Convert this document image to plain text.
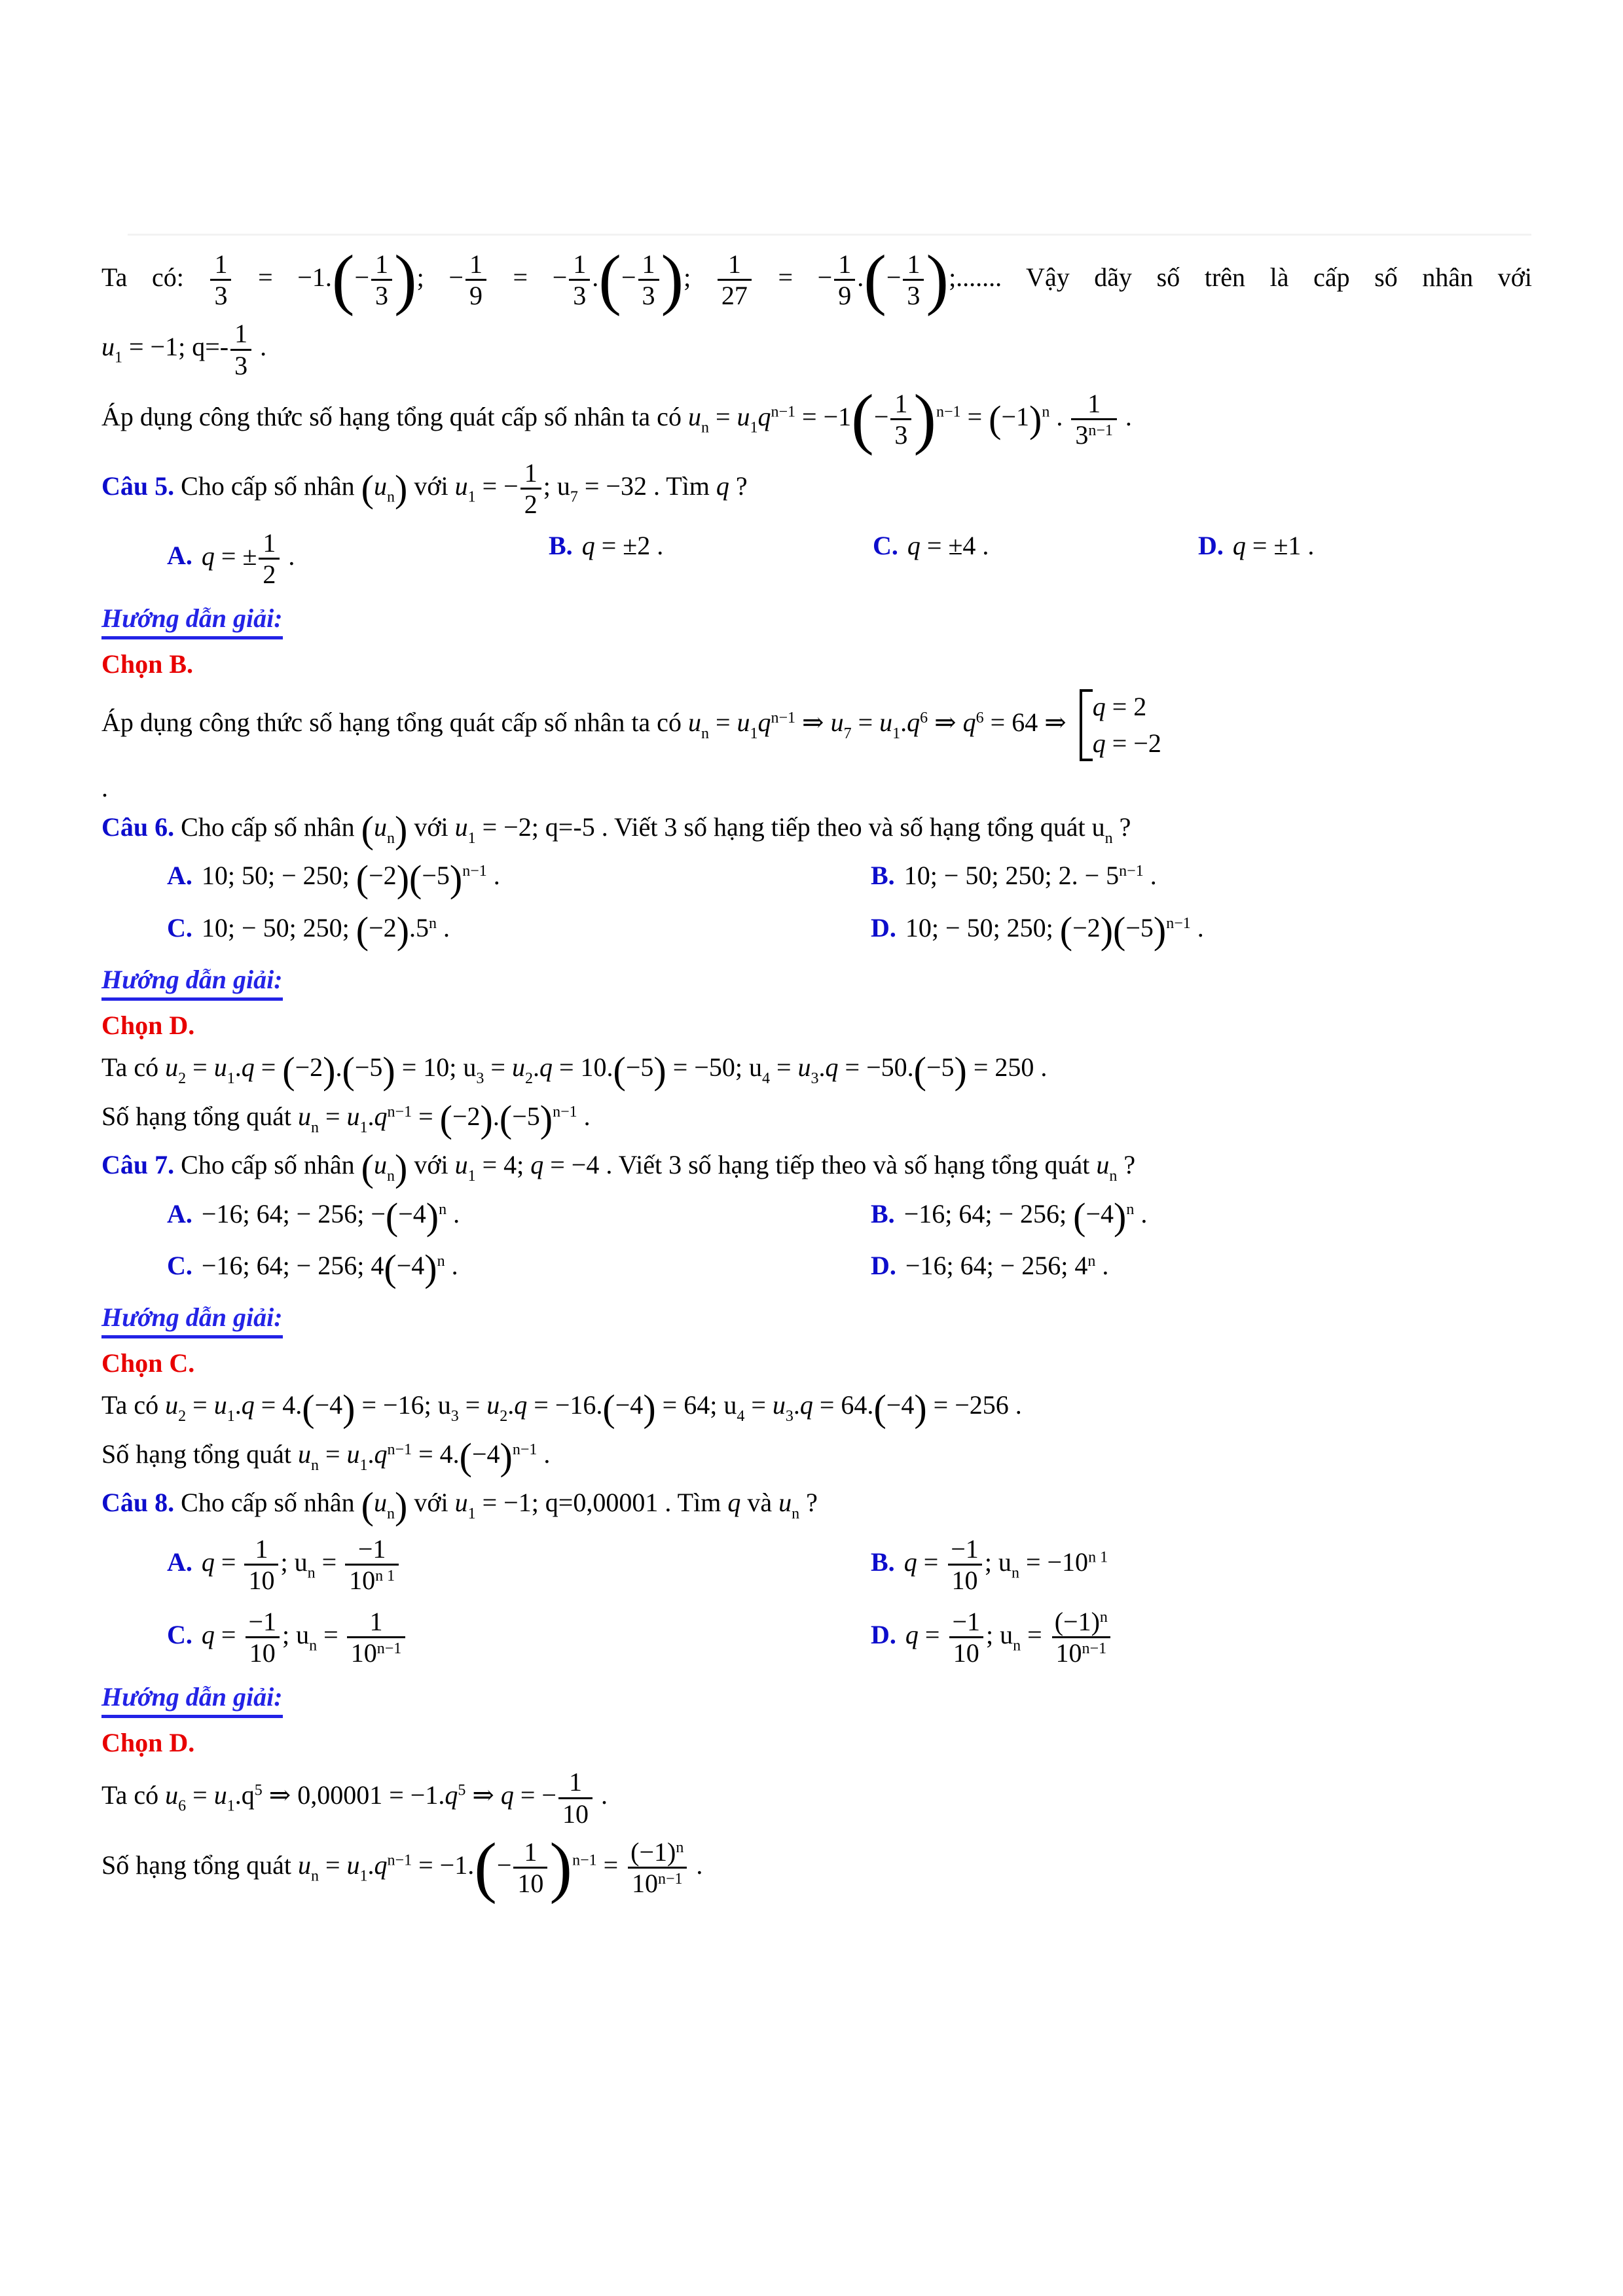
Ta có: $\frac{1}{3} = -1.(- \frac{1}{3}$ ); − $\frac{1}{9}$ = − $\frac{1}{3}$ .(− $\frac{1}{3}$ ); $\frac{1}{27}$ = − $\frac{1}{9}$ .(− $\frac{1}{3}$ );....... Vậy dãy số trên là cấp số nhân với
$u_1 = -1$; $q=- \frac{1}{3}$ .
Áp dụng công thức số hạng tổng quát cấp số nhân ta có $u_n = u_1q^{n-1} = -1(- \frac{1}{3} )^{n-1} = (-1)^n$ . $\frac{1}{3^{n-1}}$ .
Câu 5. Cho cấp số nhân $(u_n)$ với $u_1$ = − $\frac{1}{2}$ ; $u_7 = -32$ . Tìm q ?
A. q = ± $\frac{1}{2}$ .	B. q = ±2 .	C. q = ±4 .	D. q = ±1 .
Hướng dẫn giải:
Chọn B.
Áp dụng công thức số hạng tổng quát cấp số nhân ta có $u_n = u_1q^{n-1}$ ⇒ $u_7 = u_1.q^6$ ⇒ $q^6 = 64$ ⇒
q = 2
q = −2
.
Câu 6. Cho cấp số nhân $(u_n)$ với $u_1 = -2$; q=-5 . Viết 3 số hạng tiếp theo và số hạng tổng quát $u_n$ ?
A. 10; 50; − 250; $(-2)(-5)^{n-1}$ .	B. 10; − 50; 250; 2. − $5^{n-1}$ .
C. 10; − 50; 250; $(-2).5^n$ .	D. 10; − 50; 250; $(-2)(-5)^{n-1}$ .
Hướng dẫn giải:
Chọn D.
Ta có $u_2 = u_1.q = (-2).(-5) = 10$; $u_3 = u_2.q = 10.(-5) = -50$; $u_4 = u_3.q = -50.(-5) = 250$ .
Số hạng tổng quát $u_n = u_1.q^{n-1} = (-2).(-5)^{n-1}$ .
Câu 7. Cho cấp số nhân $(u_n)$ với $u_1 = 4$; q = −4 . Viết 3 số hạng tiếp theo và số hạng tổng quát $u_n$ ?
A. −16; 64; − 256; $-(-4)^n$ .	B. −16; 64; − 256; $(-4)^n$ .
C. −16; 64; − 256; $4(-4)^n$ .	D. −16; 64; − 256; 4$^n$ .
Hướng dẫn giải:
Chọn C.
Ta có $u_2 = u_1.q = 4.(-4) = -16$; $u_3 = u_2.q = -16.(-4) = 64$; $u_4 = u_3.q = 64.(-4) = -256$ .
Số hạng tổng quát $u_n = u_1.q^{n-1} = 4.(-4)^{n-1}$ .
Câu 8. Cho cấp số nhân $(u_n)$ với $u_1 = -1$; q=0,00001 . Tìm q và $u_n$ ?
A. $q = \frac{1}{10}$ ; $u_n = \frac{-1}{10^{n 1}}$	B. $q = \frac{-1}{10}$ ; $u_n = -10^{n 1}$
C. $q = \frac{-1}{10}$ ; $u_n = \frac{1}{10^{n-1}}$	D. $q = \frac{-1}{10}$ ; $u_n = \frac{(-1)^n}{10^{n-1}}$
Hướng dẫn giải:
Chọn D.
Ta có $u_6 = u_1.q^5$ ⇒ $0,00001 = -1.q^5$ ⇒ q = − $\frac{1}{10}$ .
Số hạng tổng quát $u_n = u_1.q^{n-1} = -1.(- \frac{1}{10} )^{n-1} = \frac{(-1)^n}{10^{n-1}}$ .
